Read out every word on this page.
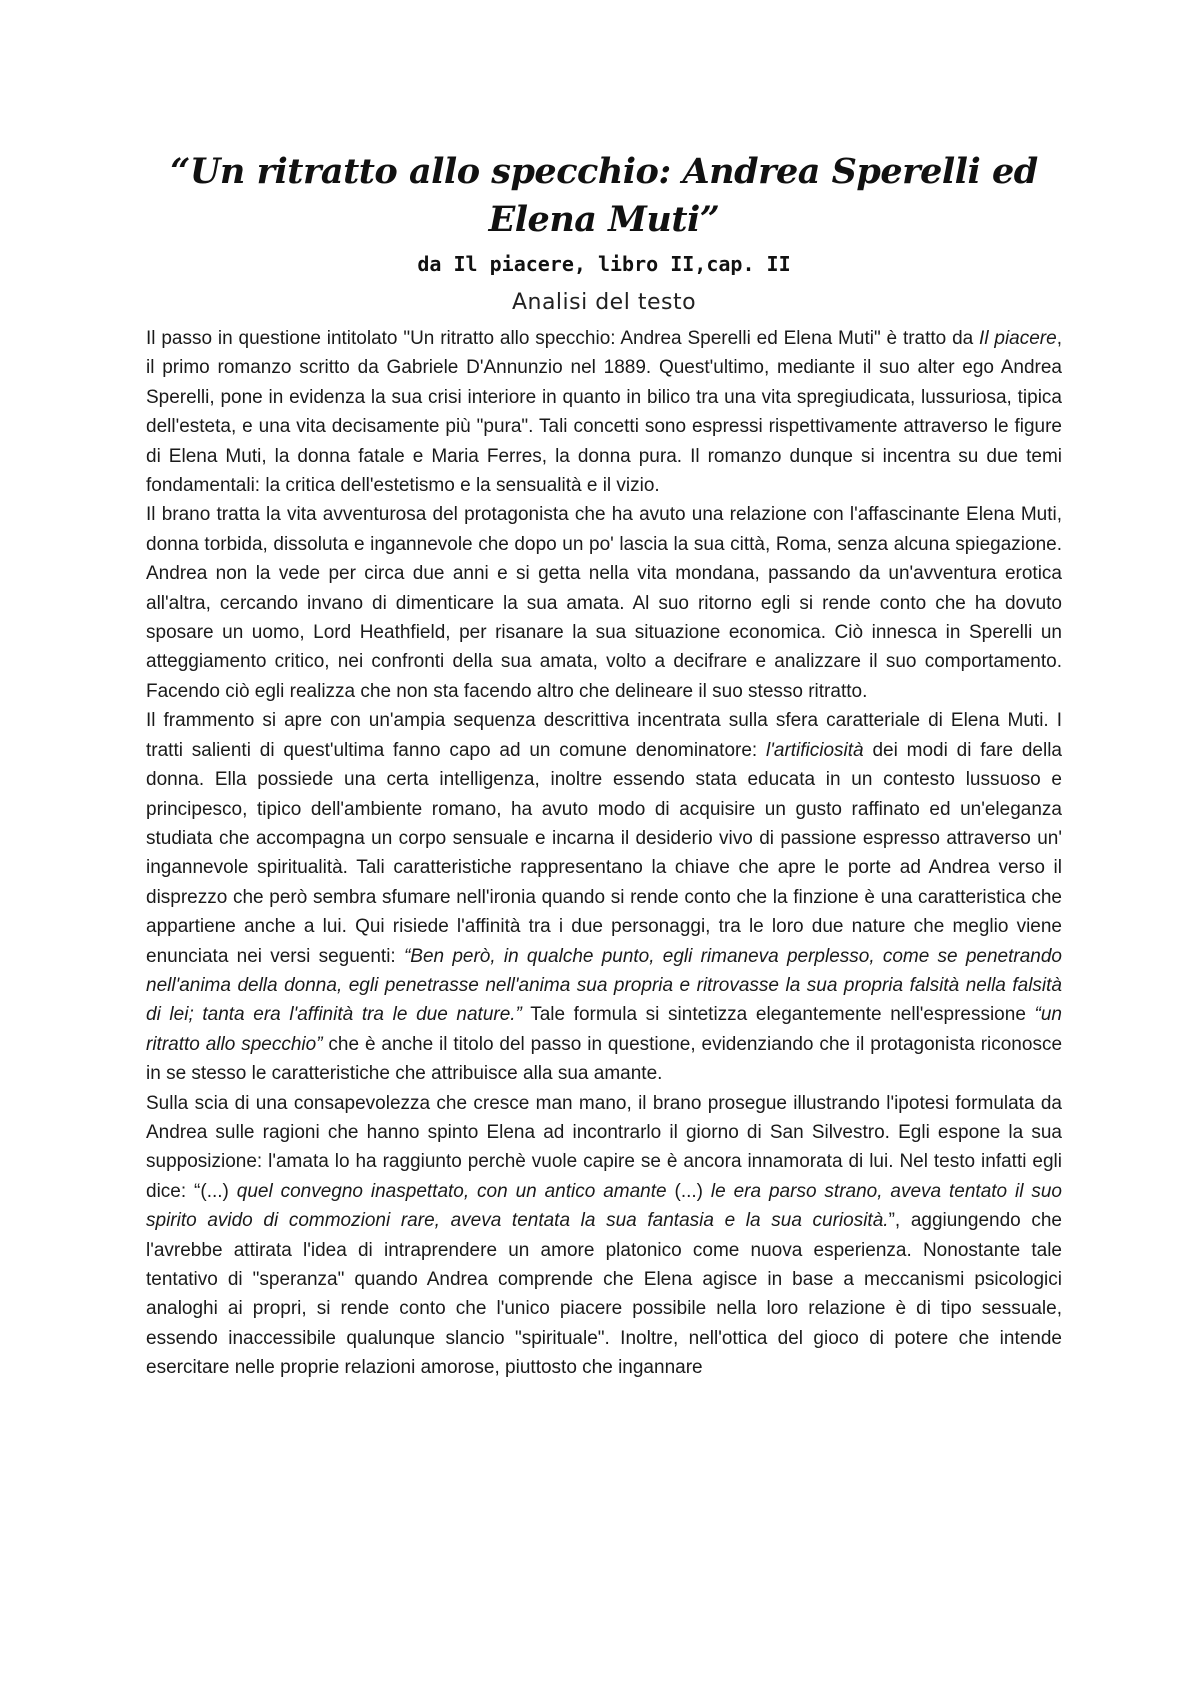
“Un ritratto allo specchio: Andrea Sperelli ed Elena Muti”
da Il piacere, libro II,cap. II
Analisi del testo

Il passo in questione intitolato "Un ritratto allo specchio: Andrea Sperelli ed Elena Muti" è tratto da Il piacere, il primo romanzo scritto da Gabriele D'Annunzio nel 1889. Quest'ultimo, mediante il suo alter ego Andrea Sperelli, pone in evidenza la sua crisi interiore in quanto in bilico tra una vita spregiudicata, lussuriosa, tipica dell'esteta, e una vita decisamente più "pura". Tali concetti sono espressi rispettivamente attraverso le figure di Elena Muti, la donna fatale e Maria Ferres, la donna pura. Il romanzo dunque si incentra su due temi fondamentali: la critica dell'estetismo e la sensualità e il vizio.

Il brano tratta la vita avventurosa del protagonista che ha avuto una relazione con l'affascinante Elena Muti, donna torbida, dissoluta e ingannevole che dopo un po' lascia la sua città, Roma, senza alcuna spiegazione. Andrea non la vede per circa due anni e si getta nella vita mondana, passando da un'avventura erotica all'altra, cercando invano di dimenticare la sua amata. Al suo ritorno egli si rende conto che ha dovuto sposare un uomo, Lord Heathfield, per risanare la sua situazione economica. Ciò innesca in Sperelli un atteggiamento critico, nei confronti della sua amata, volto a decifrare e analizzare il suo comportamento. Facendo ciò egli realizza che non sta facendo altro che delineare il suo stesso ritratto.

Il frammento si apre con un'ampia sequenza descrittiva incentrata sulla sfera caratteriale di Elena Muti. I tratti salienti di quest'ultima fanno capo ad un comune denominatore: l'artificiosità dei modi di fare della donna. Ella possiede una certa intelligenza, inoltre essendo stata educata in un contesto lussuoso e principesco, tipico dell'ambiente romano, ha avuto modo di acquisire un gusto raffinato ed un'eleganza studiata che accompagna un corpo sensuale e incarna il desiderio vivo di passione espresso attraverso un' ingannevole spiritualità. Tali caratteristiche rappresentano la chiave che apre le porte ad Andrea verso il disprezzo che però sembra sfumare nell'ironia quando si rende conto che la finzione è una caratteristica che appartiene anche a lui. Qui risiede l'affinità tra i due personaggi, tra le loro due nature che meglio viene enunciata nei versi seguenti: “Ben però, in qualche punto, egli rimaneva perplesso, come se penetrando nell'anima della donna, egli penetrasse nell'anima sua propria e ritrovasse la sua propria falsità nella falsità di lei; tanta era l'affinità tra le due nature.” Tale formula si sintetizza elegantemente nell'espressione “un ritratto allo specchio” che è anche il titolo del passo in questione, evidenziando che il protagonista riconosce in se stesso le caratteristiche che attribuisce alla sua amante.

Sulla scia di una consapevolezza che cresce man mano, il brano prosegue illustrando l'ipotesi formulata da Andrea sulle ragioni che hanno spinto Elena ad incontrarlo il giorno di San Silvestro. Egli espone la sua supposizione: l'amata lo ha raggiunto perchè vuole capire se è ancora innamorata di lui. Nel testo infatti egli dice: “(...) quel convegno inaspettato, con un antico amante (...) le era parso strano, aveva tentato il suo spirito avido di commozioni rare, aveva tentata la sua fantasia e la sua curiosità.”, aggiungendo che l'avrebbe attirata l'idea di intraprendere un amore platonico come nuova esperienza. Nonostante tale tentativo di "speranza" quando Andrea comprende che Elena agisce in base a meccanismi psicologici analoghi ai propri, si rende conto che l'unico piacere possibile nella loro relazione è di tipo sessuale, essendo inaccessibile qualunque slancio "spirituale". Inoltre, nell'ottica del gioco di potere che intende esercitare nelle proprie relazioni amorose, piuttosto che ingannare
